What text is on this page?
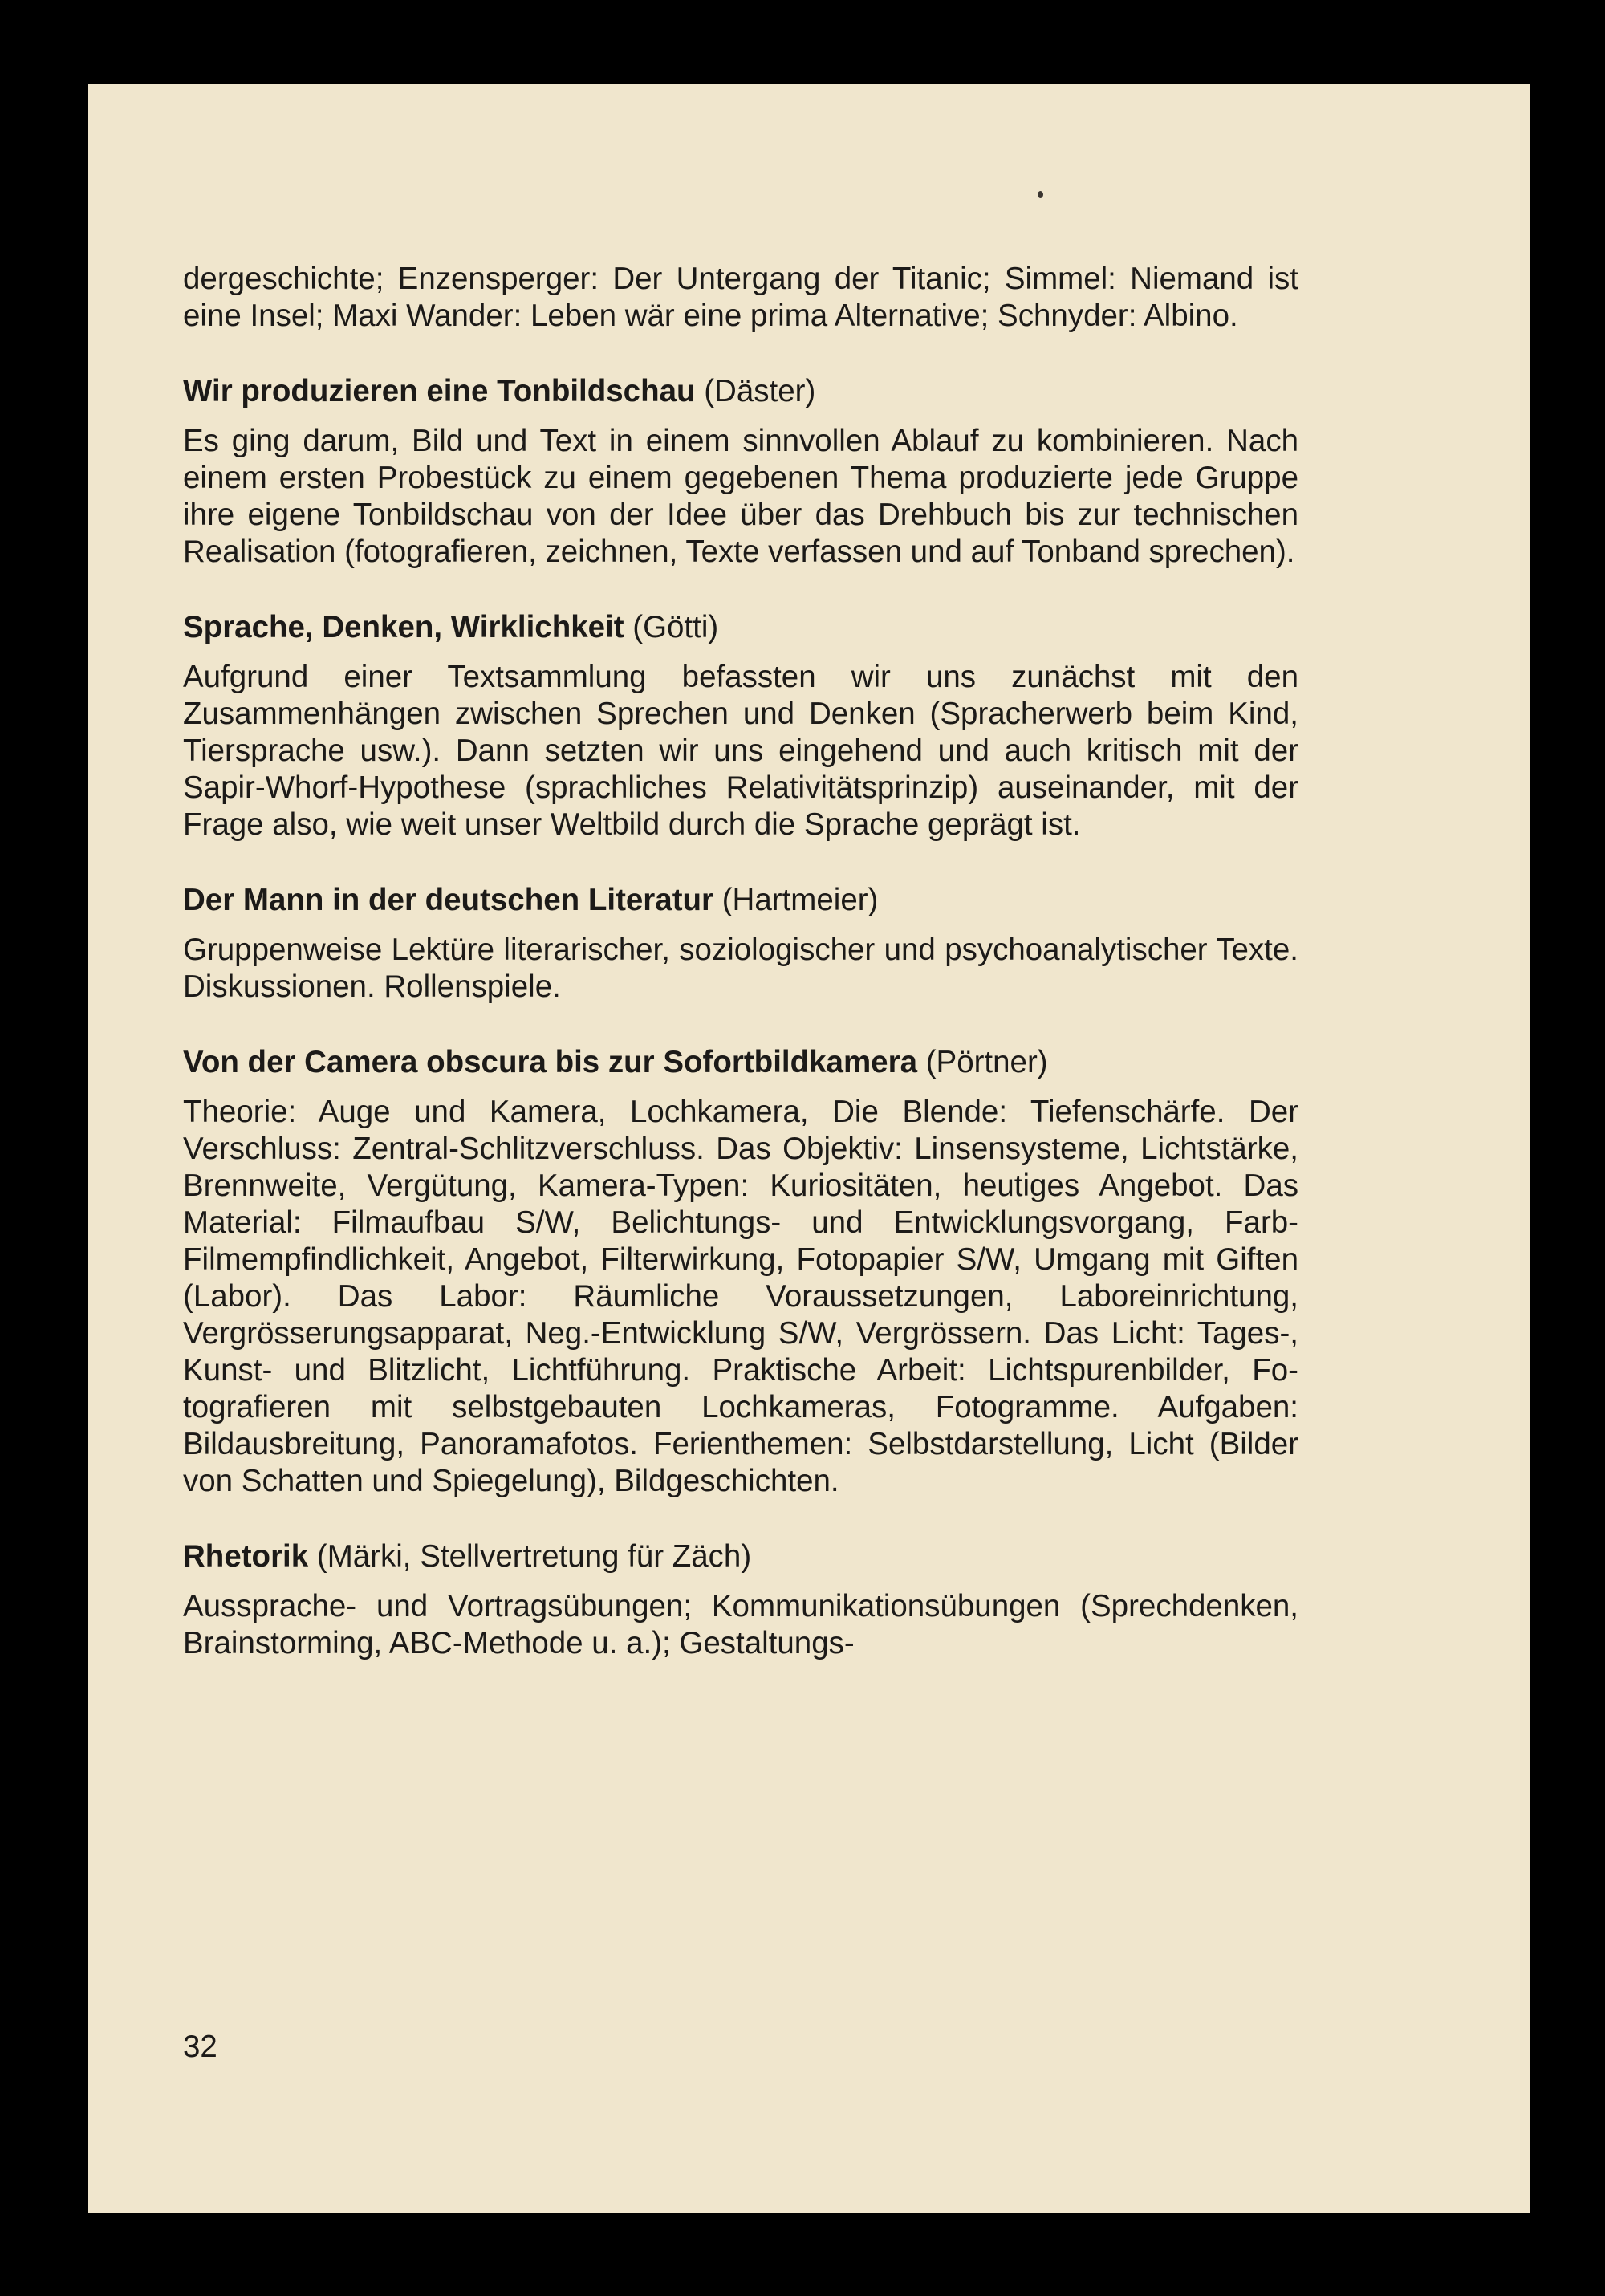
dergeschichte; Enzensperger: Der Untergang der Titanic; Simmel: Niemand ist eine Insel; Maxi Wander: Leben wär eine prima Alternative; Schnyder: Albino.

Wir produzieren eine Tonbildschau (Däster)

Es ging darum, Bild und Text in einem sinnvollen Ablauf zu kombinieren. Nach einem ersten Probestück zu einem gegebenen Thema produzierte jede Gruppe ihre eigene Tonbildschau von der Idee über das Drehbuch bis zur technischen Realisation (fotografieren, zeichnen, Texte verfassen und auf Tonband sprechen).

Sprache, Denken, Wirklichkeit (Götti)

Aufgrund einer Textsammlung befassten wir uns zunächst mit den Zusammenhängen zwischen Sprechen und Denken (Spracherwerb beim Kind, Tiersprache usw.). Dann setzten wir uns eingehend und auch kritisch mit der Sapir-Whorf-Hypothese (sprachliches Relativitätsprinzip) auseinander, mit der Frage also, wie weit unser Weltbild durch die Sprache geprägt ist.

Der Mann in der deutschen Literatur (Hartmeier)

Gruppenweise Lektüre literarischer, soziologischer und psychoanalytischer Texte. Diskussionen. Rollenspiele.

Von der Camera obscura bis zur Sofortbildkamera (Pörtner)

Theorie: Auge und Kamera, Lochkamera, Die Blende: Tiefenschärfe. Der Verschluss: Zentral-Schlitzverschluss. Das Objektiv: Linsensysteme, Lichtstärke, Brennweite, Vergütung, Kamera-Typen: Kuriositäten, heutiges Angebot. Das Material: Filmaufbau S/W, Belichtungs- und Entwicklungsvorgang, Farb-Filmempfindlichkeit, Angebot, Filterwirkung, Fotopapier S/W, Umgang mit Giften (Labor). Das Labor: Räumliche Voraussetzungen, Laboreinrichtung, Vergrösserungsapparat, Neg.-Entwicklung S/W, Vergrössern. Das Licht: Tages-, Kunst- und Blitzlicht, Lichtführung. Praktische Arbeit: Lichtspurenbilder, Fotografieren mit selbstgebauten Lochkameras, Fotogramme. Aufgaben: Bildausbreitung, Panoramafotos. Ferienthemen: Selbstdarstellung, Licht (Bilder von Schatten und Spiegelung), Bildgeschichten.

Rhetorik (Märki, Stellvertretung für Zäch)

Aussprache- und Vortragsübungen; Kommunikationsübungen (Sprechdenken, Brainstorming, ABC-Methode u. a.); Gestaltungs-

32
